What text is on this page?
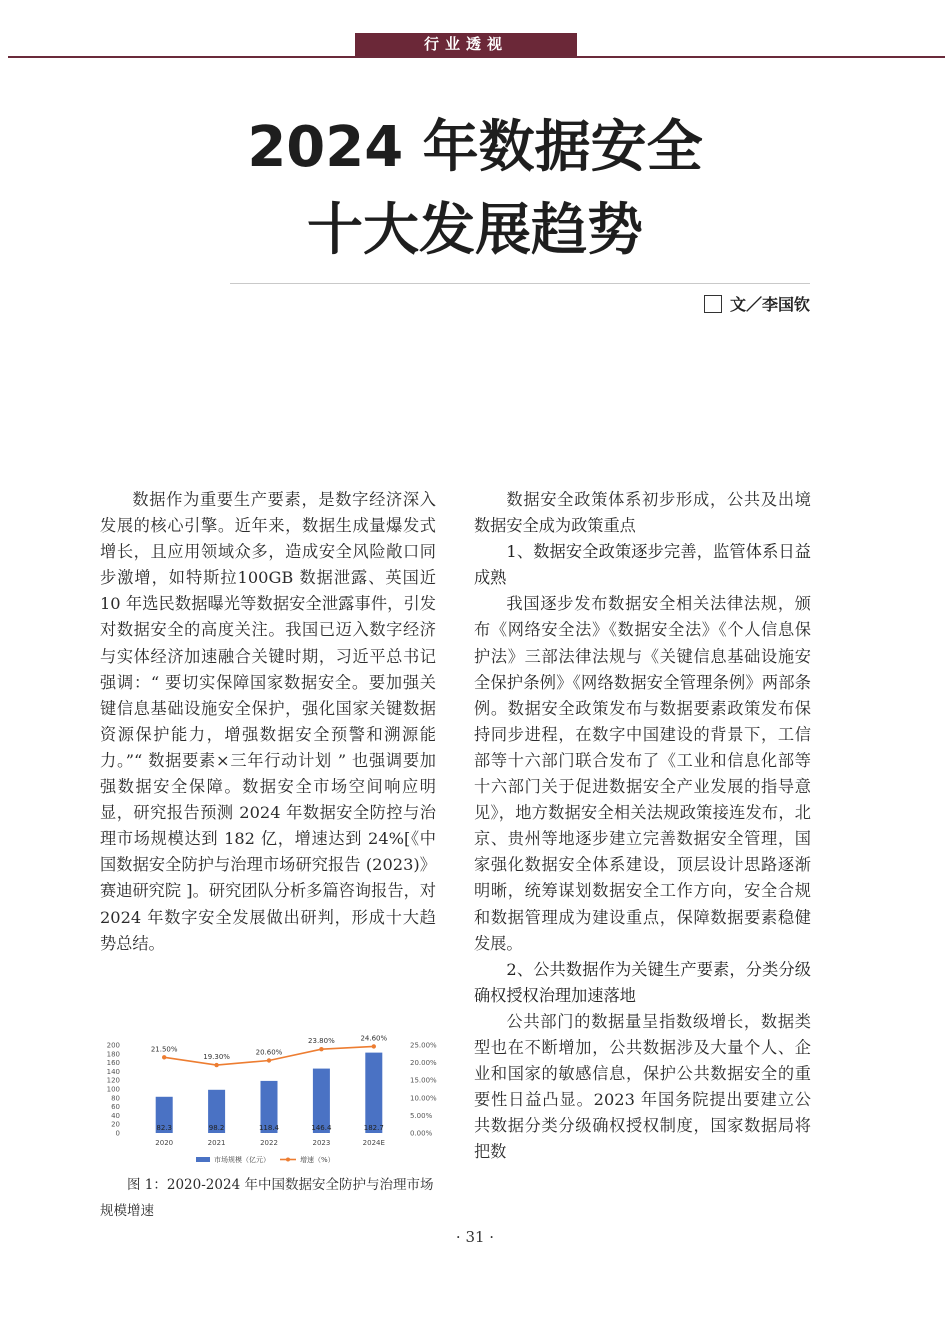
行业透视
2024 年数据安全
十大发展趋势
文／李国钦

数据作为重要生产要素，是数字经济深入发展的核心引擎。近年来，数据生成量爆发式增长，且应用领域众多，造成安全风险敞口同步激增，如特斯拉100GB 数据泄露、英国近 10 年选民数据曝光等数据安全泄露事件，引发对数据安全的高度关注。我国已迈入数字经济与实体经济加速融合关键时期，习近平总书记强调：“ 要切实保障国家数据安全。要加强关键信息基础设施安全保护，强化国家关键数据资源保护能力，增强数据安全预警和溯源能力。”“ 数据要素×三年行动计划 ” 也强调要加强数据安全保障。数据安全市场空间响应明显，研究报告预测 2024 年数据安全防控与治理市场规模达到 182 亿，增速达到 24%[《中国数据安全防护与治理市场研究报告 (2023)》赛迪研究院 ]。研究团队分析多篇咨询报告，对 2024 年数字安全发展做出研判，形成十大趋势总结。

200
180
160
140
120
100
80
60
40
20
0
25.00%
20.00%
15.00%
10.00%
5.00%
0.00%
82.3	98.2	118.4	146.4	182.7
21.50%
19.30%
20.60%
23.80%	24.60%
2020	2021	2022	2023	2024E
市场规模（亿元）	增速（%）
图 1：2020-2024 年中国数据安全防护与治理市场规模增速

数据安全政策体系初步形成，公共及出境数据安全成为政策重点

1、数据安全政策逐步完善，监管体系日益成熟

我国逐步发布数据安全相关法律法规，颁布《网络安全法》《数据安全法》《个人信息保护法》三部法律法规与《关键信息基础设施安全保护条例》《网络数据安全管理条例》两部条例。数据安全政策发布与数据要素政策发布保持同步进程，在数字中国建设的背景下，工信部等十六部门联合发布了《工业和信息化部等十六部门关于促进数据安全产业发展的指导意见》，地方数据安全相关法规政策接连发布，北京、贵州等地逐步建立完善数据安全管理，国家强化数据安全体系建设，顶层设计思路逐渐明晰，统筹谋划数据安全工作方向，安全合规和数据管理成为建设重点，保障数据要素稳健发展。

2、公共数据作为关键生产要素，分类分级确权授权治理加速落地

公共部门的数据量呈指数级增长，数据类型也在不断增加，公共数据涉及大量个人、企业和国家的敏感信息，保护公共数据安全的重要性日益凸显。2023 年国务院提出要建立公共数据分类分级确权授权制度，国家数据局将把数

· 31 ·
